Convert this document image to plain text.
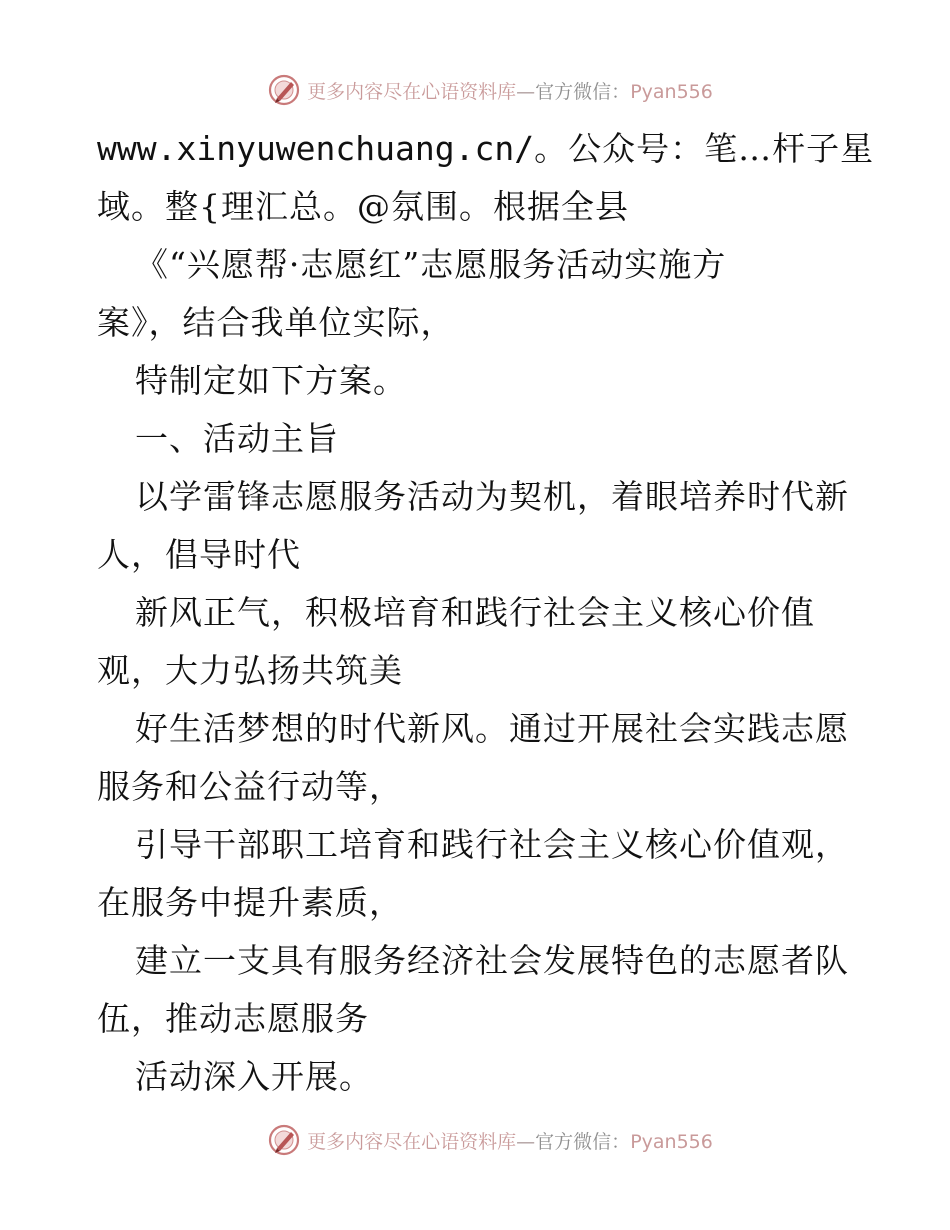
更多内容尽在心语资料库—官方微信：Pyan556
www.xinyuwenchuang.cn/。公众号：笔…杆子星
域。整{理汇总。@氛围。根据全县
《“兴愿帮·志愿红”志愿服务活动实施方
案》，结合我单位实际，
特制定如下方案。
一、活动主旨
以学雷锋志愿服务活动为契机，着眼培养时代新
人，倡导时代
新风正气，积极培育和践行社会主义核心价值
观，大力弘扬共筑美
好生活梦想的时代新风。通过开展社会实践志愿
服务和公益行动等，
引导干部职工培育和践行社会主义核心价值观，
在服务中提升素质，
建立一支具有服务经济社会发展特色的志愿者队
伍，推动志愿服务
活动深入开展。
更多内容尽在心语资料库—官方微信：Pyan556
